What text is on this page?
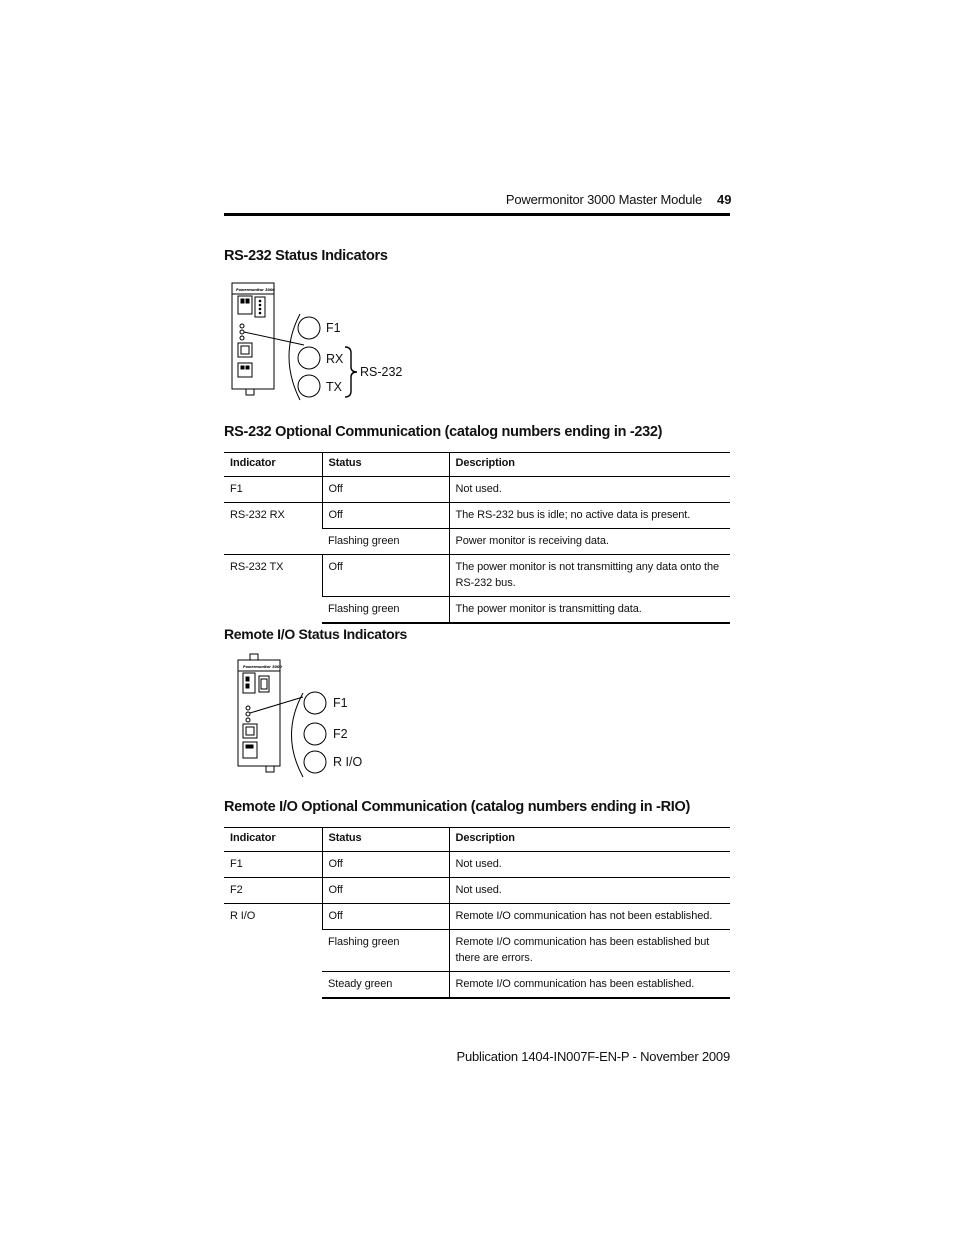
Powermonitor 3000 Master Module 49
RS-232 Status Indicators
Powermonitor 3000
F1
RX
TX
RS-232
RS-232 Optional Communication (catalog numbers ending in -232)
Indicator	Status	Description
F1	Off	Not used.
RS-232 RX	Off	The RS-232 bus is idle; no active data is present.
	Flashing green	Power monitor is receiving data.
RS-232 TX	Off	The power monitor is not transmitting any data onto the RS-232 bus.
	Flashing green	The power monitor is transmitting data.
Remote I/O Status Indicators
Powermonitor 3000
F1
F2
R I/O
Remote I/O Optional Communication (catalog numbers ending in -RIO)
Indicator	Status	Description
F1	Off	Not used.
F2	Off	Not used.
R I/O	Off	Remote I/O communication has not been established.
	Flashing green	Remote I/O communication has been established but there are errors.
	Steady green	Remote I/O communication has been established.
Publication 1404-IN007F-EN-P - November 2009
